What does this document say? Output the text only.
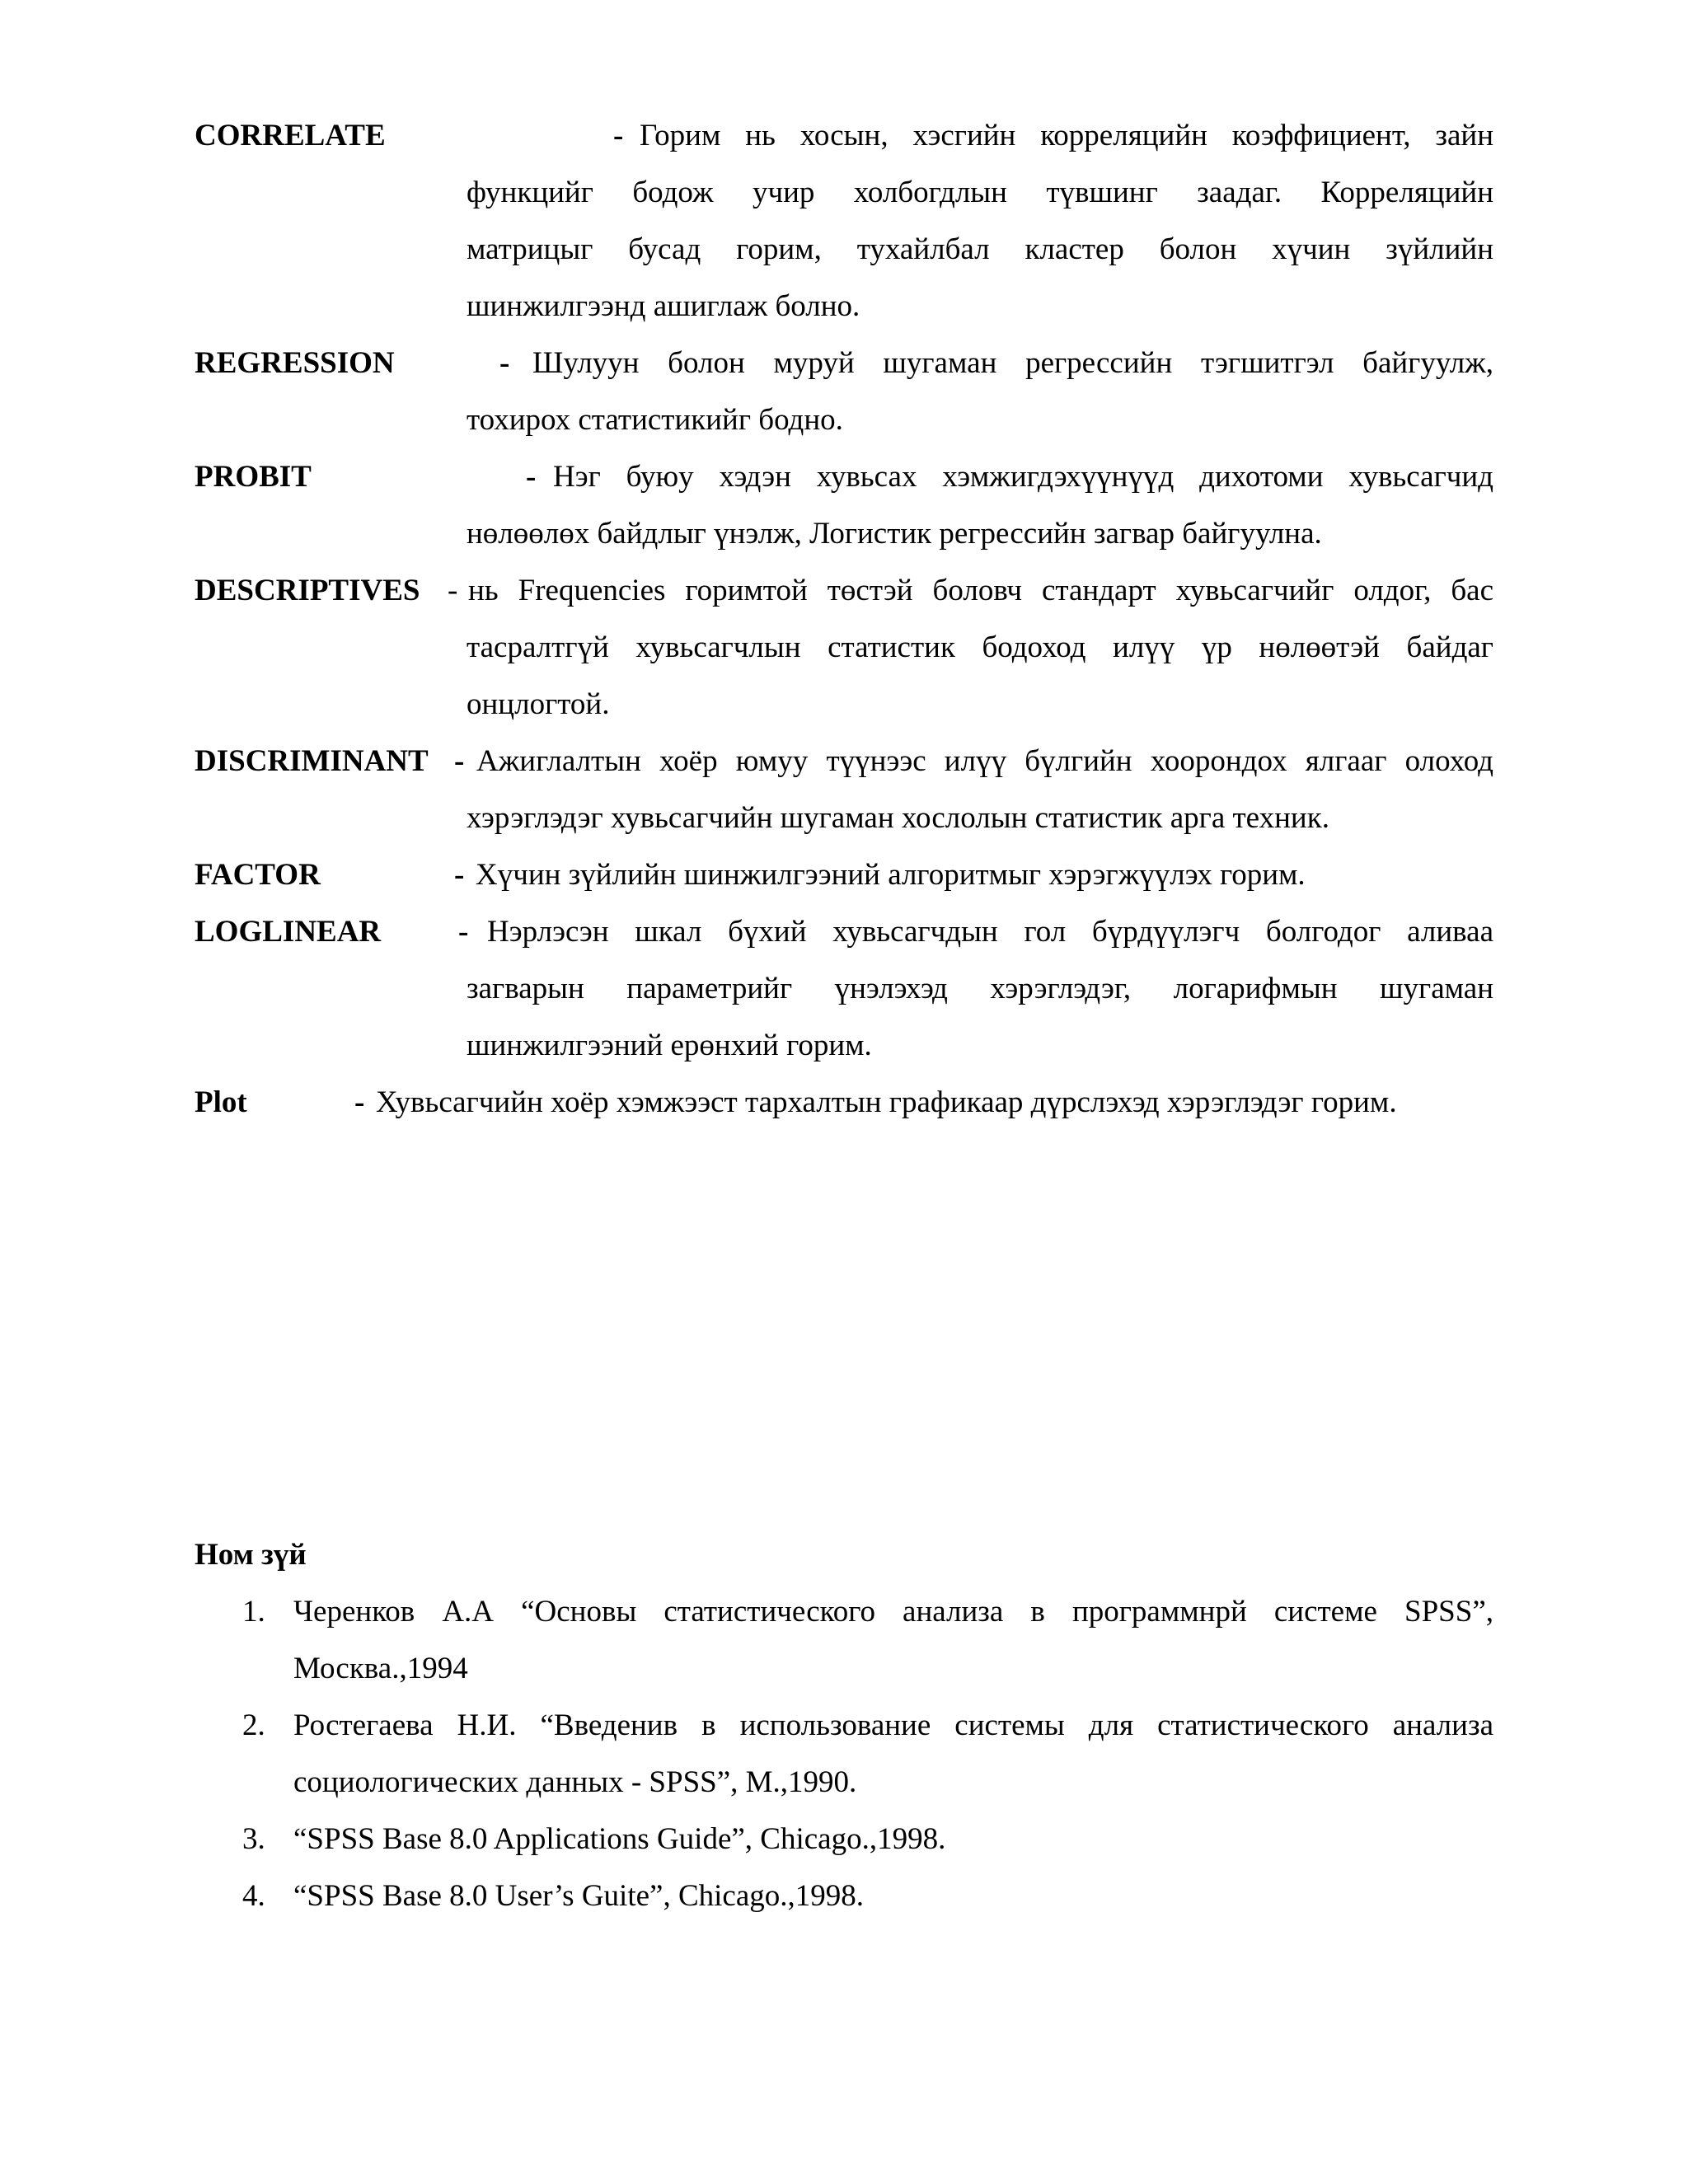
CORRELATE	- Горим нь хосын, хэсгийн корреляцийн коэффициент, зайн
функцийг бодож учир холбогдлын түвшинг заадаг. Корреляцийн
матрицыг бусад горим, тухайлбал кластер болон хүчин зүйлийн
шинжилгээнд ашиглаж болно.
REGRESSION	- Шулуун болон муруй шугаман регрессийн тэгшитгэл байгуулж,
тохирох статистикийг бодно.
PROBIT	- Нэг буюу хэдэн хувьсах хэмжигдэхүүнүүд дихотоми хувьсагчид
нөлөөлөх байдлыг үнэлж, Логистик регрессийн загвар байгуулна.
DESCRIPTIVES - нь Frequencies горимтой төстэй боловч стандарт хувьсагчийг олдог, бас
тасралтгүй хувьсагчлын статистик бодоход илүү үр нөлөөтэй байдаг
онцлогтой.
DISCRIMINANT - Ажиглалтын хоёр юмуу түүнээс илүү бүлгийн хоорондох ялгааг олоход
хэрэглэдэг хувьсагчийн шугаман хослолын статистик арга техник.
FACTOR	- Хүчин зүйлийн шинжилгээний алгоритмыг хэрэгжүүлэх горим.
LOGLINEAR	- Нэрлэсэн шкал бүхий хувьсагчдын гол бүрдүүлэгч болгодог аливаа
загварын параметрийг үнэлэхэд хэрэглэдэг, логарифмын шугаман
шинжилгээний ерөнхий горим.
Plot	- Хувьсагчийн хоёр хэмжээст тархалтын графикаар дүрслэхэд хэрэглэдэг горим.
Ном зүй
1. Черенков А.А “Основы статистического анализа в программнрй системе SPSS”,
Москва.,1994
2. Ростегаева Н.И. “Введенив в использование системы для статистического анализа
социологических данных - SPSS”, М.,1990.
3. “SPSS Base 8.0 Applications Guide”, Chicago.,1998.
4. “SPSS Base 8.0 User’s Guite”, Chicago.,1998.
